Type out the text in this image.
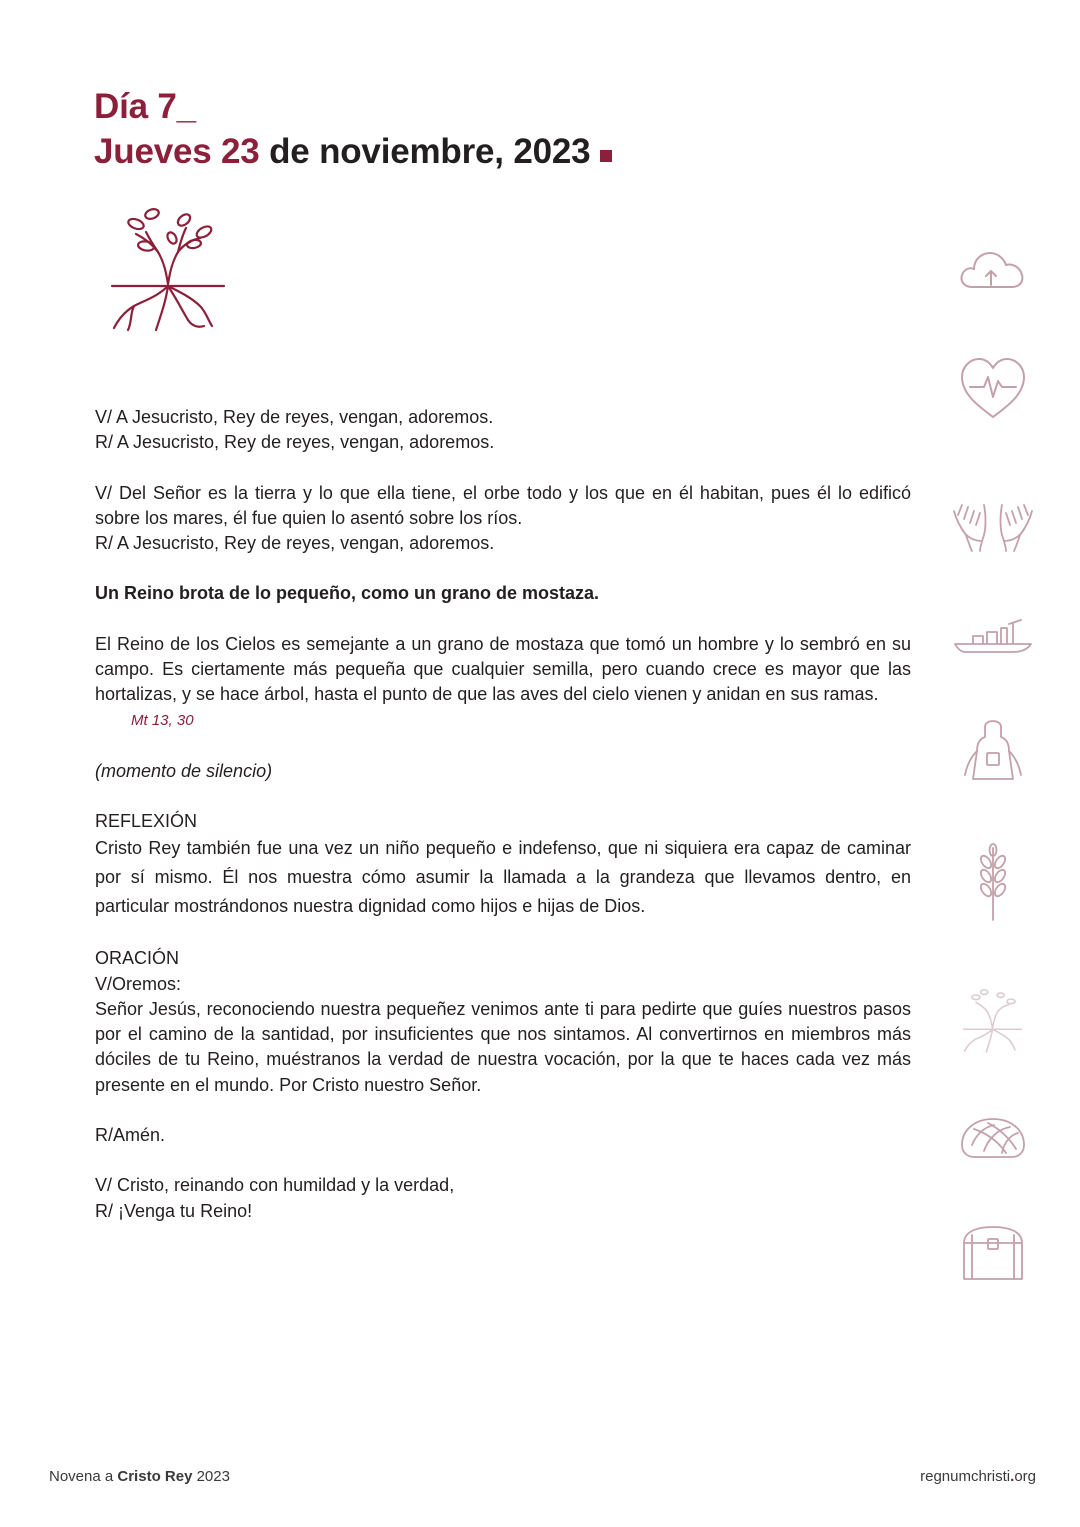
Día 7_
Jueves 23 de noviembre, 2023

V/ A Jesucristo, Rey de reyes, vengan, adoremos.

R/ A Jesucristo, Rey de reyes, vengan, adoremos.

V/ Del Señor es la tierra y lo que ella tiene, el orbe todo y los que en él habitan, pues él lo edificó sobre los mares, él fue quien lo asentó sobre los ríos.

R/ A Jesucristo, Rey de reyes, vengan, adoremos.

Un Reino brota de lo pequeño, como un grano de mostaza.

El Reino de los Cielos es semejante a un grano de mostaza que tomó un hombre y lo sembró en su campo. Es ciertamente más pequeña que cualquier semilla, pero cuando crece es mayor que las hortalizas, y se hace árbol, hasta el punto de que las aves del cielo vienen y anidan en sus ramas.

Mt 13, 30

(momento de silencio)

REFLEXIÓN

Cristo Rey también fue una vez un niño pequeño e indefenso, que ni siquiera era capaz de caminar por sí mismo. Él nos muestra cómo asumir la llamada a la grandeza que llevamos dentro, en particular mostrándonos nuestra dignidad como hijos e hijas de Dios.

ORACIÓN

V/Oremos:

Señor Jesús, reconociendo nuestra pequeñez venimos ante ti para pedirte que guíes nuestros pasos por el camino de la santidad, por insuficientes que nos sintamos. Al convertirnos en miembros más dóciles de tu Reino, muéstranos la verdad de nuestra vocación, por la que te haces cada vez más presente en el mundo. Por Cristo nuestro Señor.

R/Amén.

V/ Cristo, reinando con humildad y la verdad,

R/ ¡Venga tu Reino!

Novena a Cristo Rey 2023	regnumchristi.org
